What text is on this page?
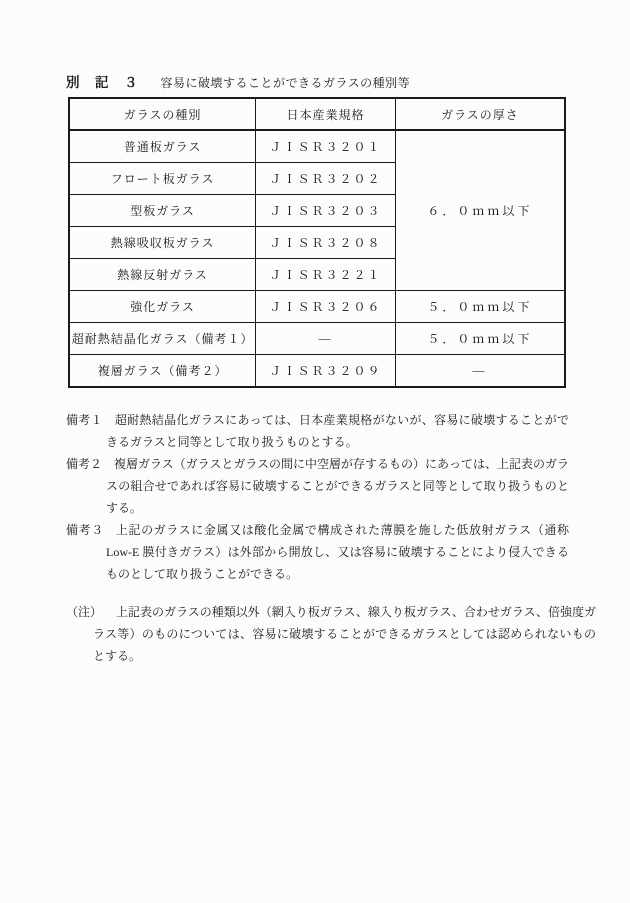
別　記　３ 容易に破壊することができるガラスの種別等
ガラスの種別	日本産業規格	ガラスの厚さ
普通板ガラス	ＪＩＳＲ３２０１	６．０ｍｍ以下
フロート板ガラス	ＪＩＳＲ３２０２	
型板ガラス	ＪＩＳＲ３２０３	
熱線吸収板ガラス	ＪＩＳＲ３２０８	
熱線反射ガラス	ＪＩＳＲ３２２１	
強化ガラス	ＪＩＳＲ３２０６	５．０ｍｍ以下
超耐熱結晶化ガラス（備考１）	―	５．０ｍｍ以下
複層ガラス（備考２）	ＪＩＳＲ３２０９	―

備考１ 超耐熱結晶化ガラスにあっては、日本産業規格がないが、容易に破壊することができるガラスと同等として取り扱うものとする。

備考２ 複層ガラス（ガラスとガラスの間に中空層が存するもの）にあっては、上記表のガラスの組合せであれば容易に破壊することができるガラスと同等として取り扱うものとする。

備考３ 上記のガラスに金属又は酸化金属で構成された薄膜を施した低放射ガラス（通称 Low-E 膜付きガラス）は外部から開放し、又は容易に破壊することにより侵入できるものとして取り扱うことができる。

（注） 上記表のガラスの種類以外（網入り板ガラス、線入り板ガラス、合わせガラス、倍強度ガラス等）のものについては、容易に破壊することができるガラスとしては認められないものとする。
